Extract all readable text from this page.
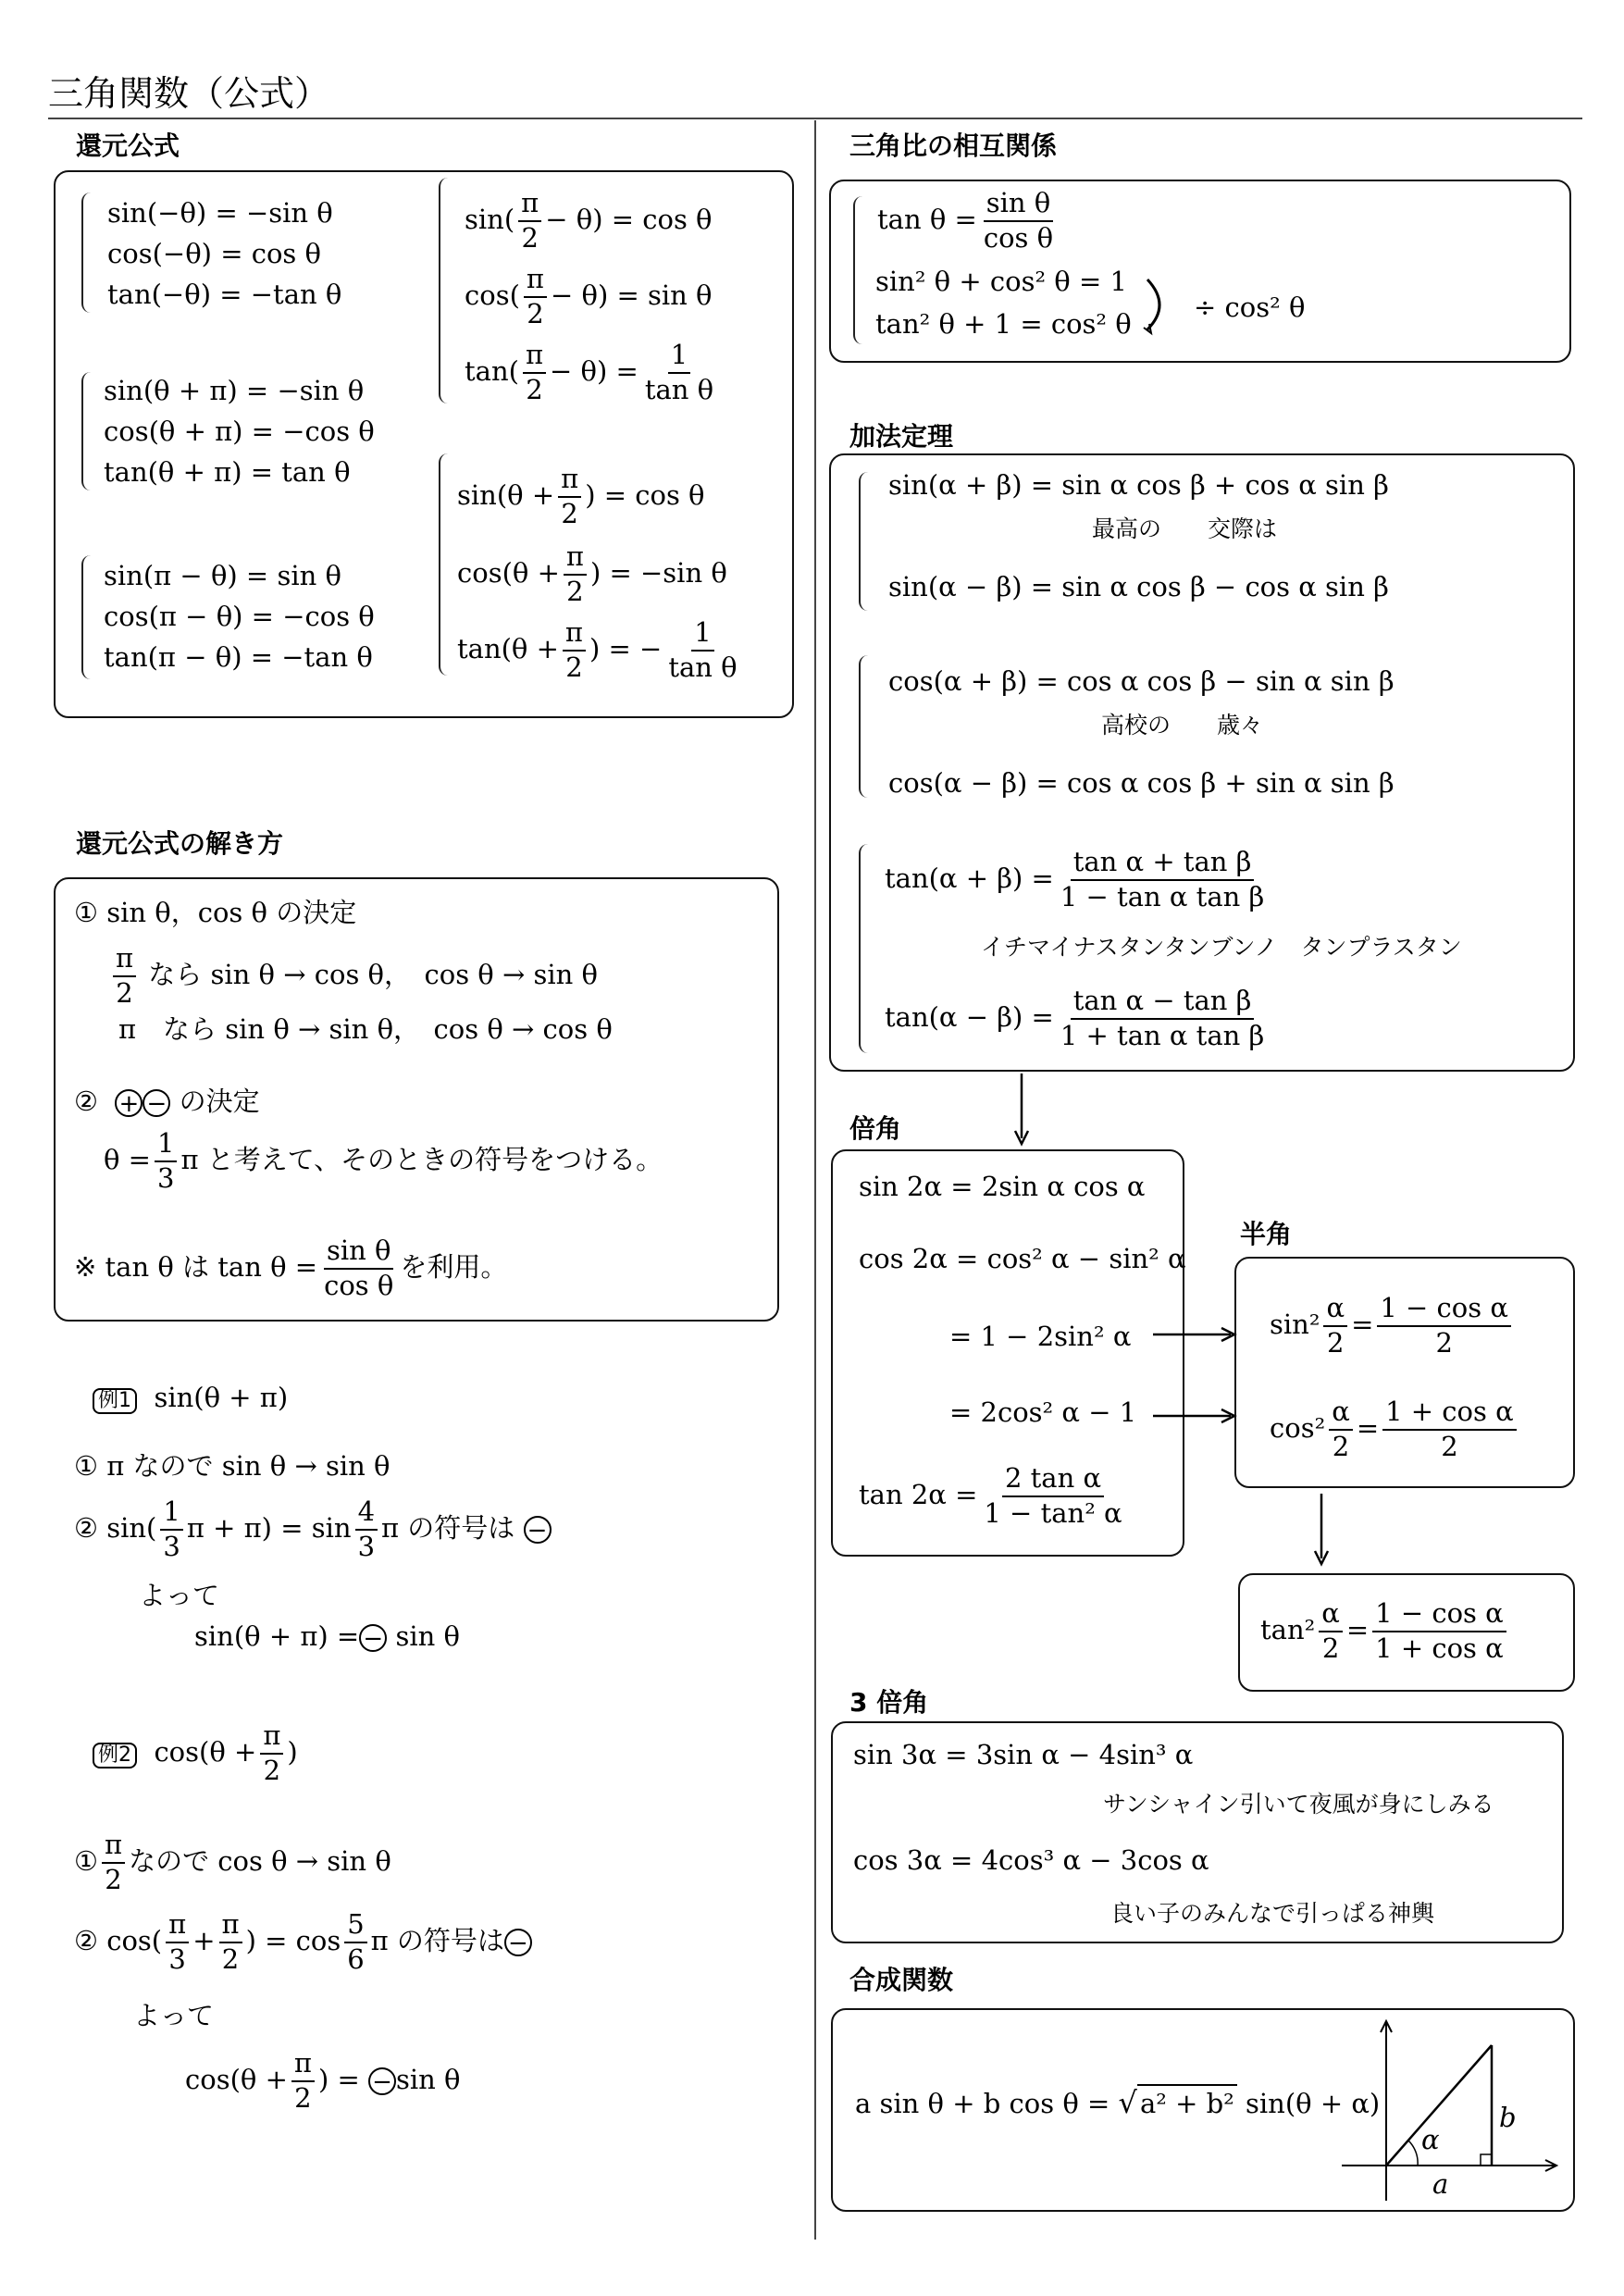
三角関数（公式）
還元公式
sin(−θ) = −sin θ
cos(−θ) = cos θ
tan(−θ) = −tan θ
sin(θ + π) = −sin θ
cos(θ + π) = −cos θ
tan(θ + π) = tan θ
sin(π − θ) = sin θ
cos(π − θ) = −cos θ
tan(π − θ) = −tan θ
$\sin( \frac{\pi}{2} - \theta) = \cos \theta$
$\cos( \frac{\pi}{2} - \theta) = \sin \theta$
$\tan( \frac{\pi}{2} - \theta) = \frac{1}{\text{tan θ}}$
$\sin(\theta + \frac{\pi}{2}$ ) = cos θ
$\cos(\theta + \frac{\pi}{2}$ ) = −sin θ
$\tan(\theta + \frac{\pi}{2}$ ) = − $\frac{1}{\text{tan θ}}$
還元公式の解き方
① sin θ，cos θ の決定
$\frac{\pi}{2}$ なら sin θ → cos θ，　cos θ → sin θ
π　なら sin θ → sin θ，　cos θ → cos θ
② + − の決定
$\theta = \frac{1}{3}$ π と考えて、そのときの符号をつける。
※ tan θ は $\tan \theta = \frac{\text{sin θ}}{\text{cos θ}}$ を利用。
例1 sin(θ + π)
① π なので sin θ → sin θ
② $\sin( \frac{1}{3}$ $\pi + \pi) = \sin \frac{4}{3}$ π の符号は −
よって
sin(θ + π) = − sin θ
例2 $\cos(\theta + \frac{\pi}{2}$ )
① $\frac{\pi}{2}$ なので cos θ → sin θ
② $\cos( \frac{\pi}{3} + \frac{\pi}{2}$ ) = $\cos \frac{5}{6}$ π の符号は −
よって
$\cos(\theta + \frac{\pi}{2}$ ) = − sin θ
三角比の相互関係
$\tan \theta = \frac{\text{sin θ}}{\text{cos θ}}$
sin² θ + cos² θ = 1
tan² θ + 1 = cos² θ
÷ cos² θ
加法定理
sin(α + β) = sin α cos β + cos α sin β
最高の　　交際は
sin(α − β) = sin α cos β − cos α sin β
cos(α + β) = cos α cos β − sin α sin β
高校の　　歳々
cos(α − β) = cos α cos β + sin α sin β
$\tan(\alpha + \beta) = \frac{\text{tan α + tan β}}{\text{1 − tan α tan β}}$
イチマイナスタンタンブンノ　タンプラスタン
$\tan(\alpha - \beta) = \frac{\text{tan α − tan β}}{\text{1 + tan α tan β}}$
倍角
sin 2α = 2sin α cos α
cos 2α = cos² α − sin² α
= 1 − 2sin² α
= 2cos² α − 1
$\tan 2\alpha = \frac{\text{2 tan α}}{\text{1 − tan² α}}$
半角
$\sin^2 \frac{\alpha}{2} = \frac{\text{1 − cos α}}{2}$
$\cos^2 \frac{\alpha}{2} = \frac{\text{1 + cos α}}{2}$
$\tan^2 \frac{\alpha}{2} = \frac{\text{1 − cos α}}{\text{1 + cos α}}$
3 倍角
sin 3α = 3sin α − 4sin³ α
サンシャイン引いて夜風が身にしみる
cos 3α = 4cos³ α − 3cos α
良い子のみんなで引っぱる神輿
合成関数
a sin θ + b cos θ = √ a² + b² sin(θ + α)
α
b
a
